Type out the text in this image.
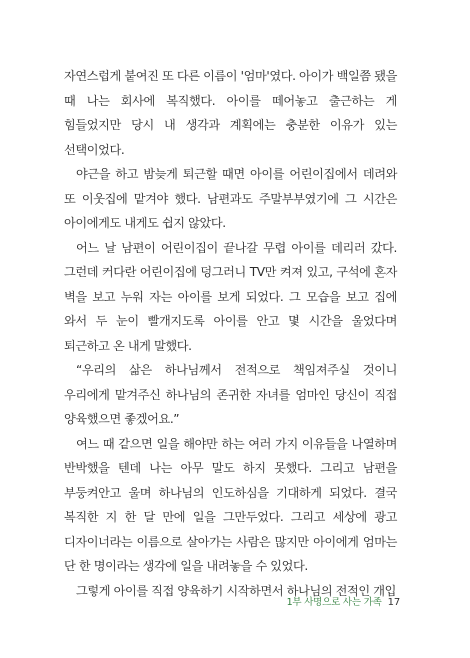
자연스럽게 붙여진 또 다른 이름이 '엄마'였다. 아이가 백일쯤 됐을 때 나는 회사에 복직했다. 아이를 떼어놓고 출근하는 게 힘들었지만 당시 내 생각과 계획에는 충분한 이유가 있는 선택이었다.

야근을 하고 밤늦게 퇴근할 때면 아이를 어린이집에서 데려와 또 이웃집에 맡겨야 했다. 남편과도 주말부부였기에 그 시간은 아이에게도 내게도 쉽지 않았다.

어느 날 남편이 어린이집이 끝나갈 무렵 아이를 데리러 갔다. 그런데 커다란 어린이집에 덩그러니 TV만 켜져 있고, 구석에 혼자 벽을 보고 누워 자는 아이를 보게 되었다. 그 모습을 보고 집에 와서 두 눈이 빨개지도록 아이를 안고 몇 시간을 울었다며 퇴근하고 온 내게 말했다.

“우리의 삶은 하나님께서 전적으로 책임져주실 것이니 우리에게 맡겨주신 하나님의 존귀한 자녀를 엄마인 당신이 직접 양육했으면 좋겠어요.”

여느 때 같으면 일을 해야만 하는 여러 가지 이유들을 나열하며 반박했을 텐데 나는 아무 말도 하지 못했다. 그리고 남편을 부둥켜안고 울며 하나님의 인도하심을 기대하게 되었다. 결국 복직한 지 한 달 만에 일을 그만두었다. 그리고 세상에 광고 디자이너라는 이름으로 살아가는 사람은 많지만 아이에게 엄마는 단 한 명이라는 생각에 일을 내려놓을 수 있었다.

그렇게 아이를 직접 양육하기 시작하면서 하나님의 전적인 개입

1부 사명으로 사는 가족 17
